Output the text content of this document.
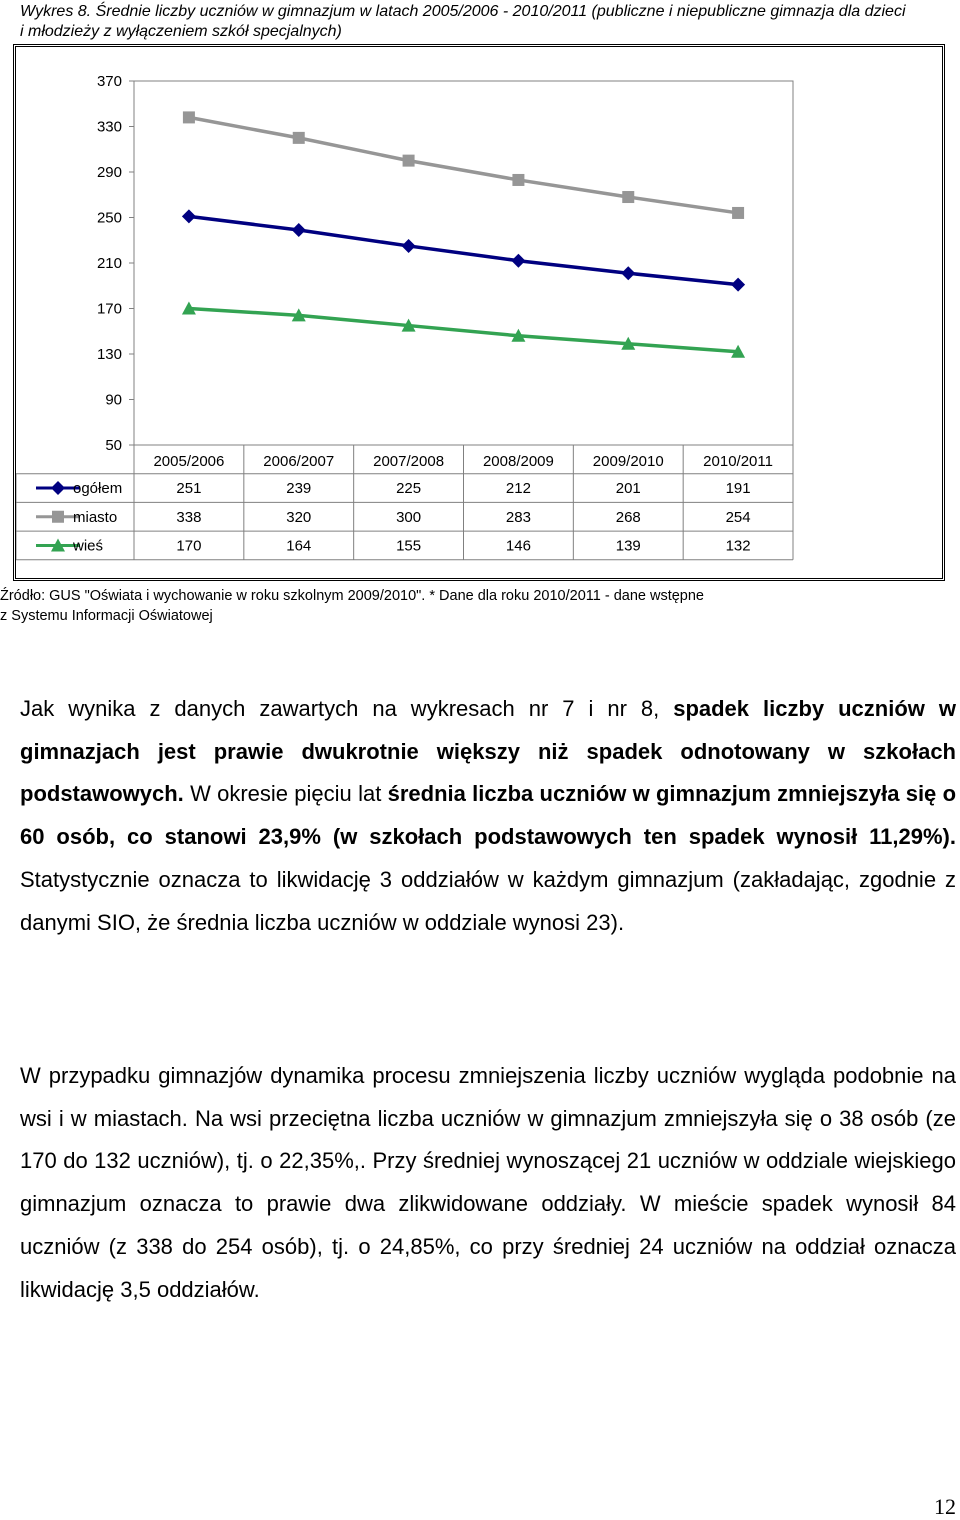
Wykres 8. Średnie liczby uczniów w gimnazjum w latach 2005/2006 - 2010/2011 (publiczne i niepubliczne gimnazja dla dzieci
i młodzieży z wyłączeniem szkół specjalnych)
370
330
290
250
210
170
130
90
50
2005/2006	2006/2007	2007/2008	2008/2009	2009/2010	2010/2011
ogółem	251	239	225	212	201	191
miasto	338	320	300	283	268	254
wieś	170	164	155	146	139	132
Źródło: GUS "Oświata i wychowanie w roku szkolnym 2009/2010". * Dane dla roku 2010/2011 - dane wstępne
z Systemu Informacji Oświatowej

Jak wynika z danych zawartych na wykresach nr 7 i nr 8, spadek liczby uczniów w gimnazjach jest prawie dwukrotnie większy niż spadek odnotowany w szkołach podstawowych. W okresie pięciu lat średnia liczba uczniów w gimnazjum zmniejszyła się o 60 osób, co stanowi 23,9% (w szkołach podstawowych ten spadek wynosił 11,29%). Statystycznie oznacza to likwidację 3 oddziałów w każdym gimnazjum (zakładając, zgodnie z danymi SIO, że średnia liczba uczniów w oddziale wynosi 23).

W przypadku gimnazjów dynamika procesu zmniejszenia liczby uczniów wygląda podobnie na wsi i w miastach. Na wsi przeciętna liczba uczniów w gimnazjum zmniejszyła się o 38 osób (ze 170 do 132 uczniów), tj. o 22,35%,. Przy średniej wynoszącej 21 uczniów w oddziale wiejskiego gimnazjum oznacza to prawie dwa zlikwidowane oddziały. W mieście spadek wynosił 84 uczniów (z 338 do 254 osób), tj. o 24,85%, co przy średniej 24 uczniów na oddział oznacza likwidację 3,5 oddziałów.

12
